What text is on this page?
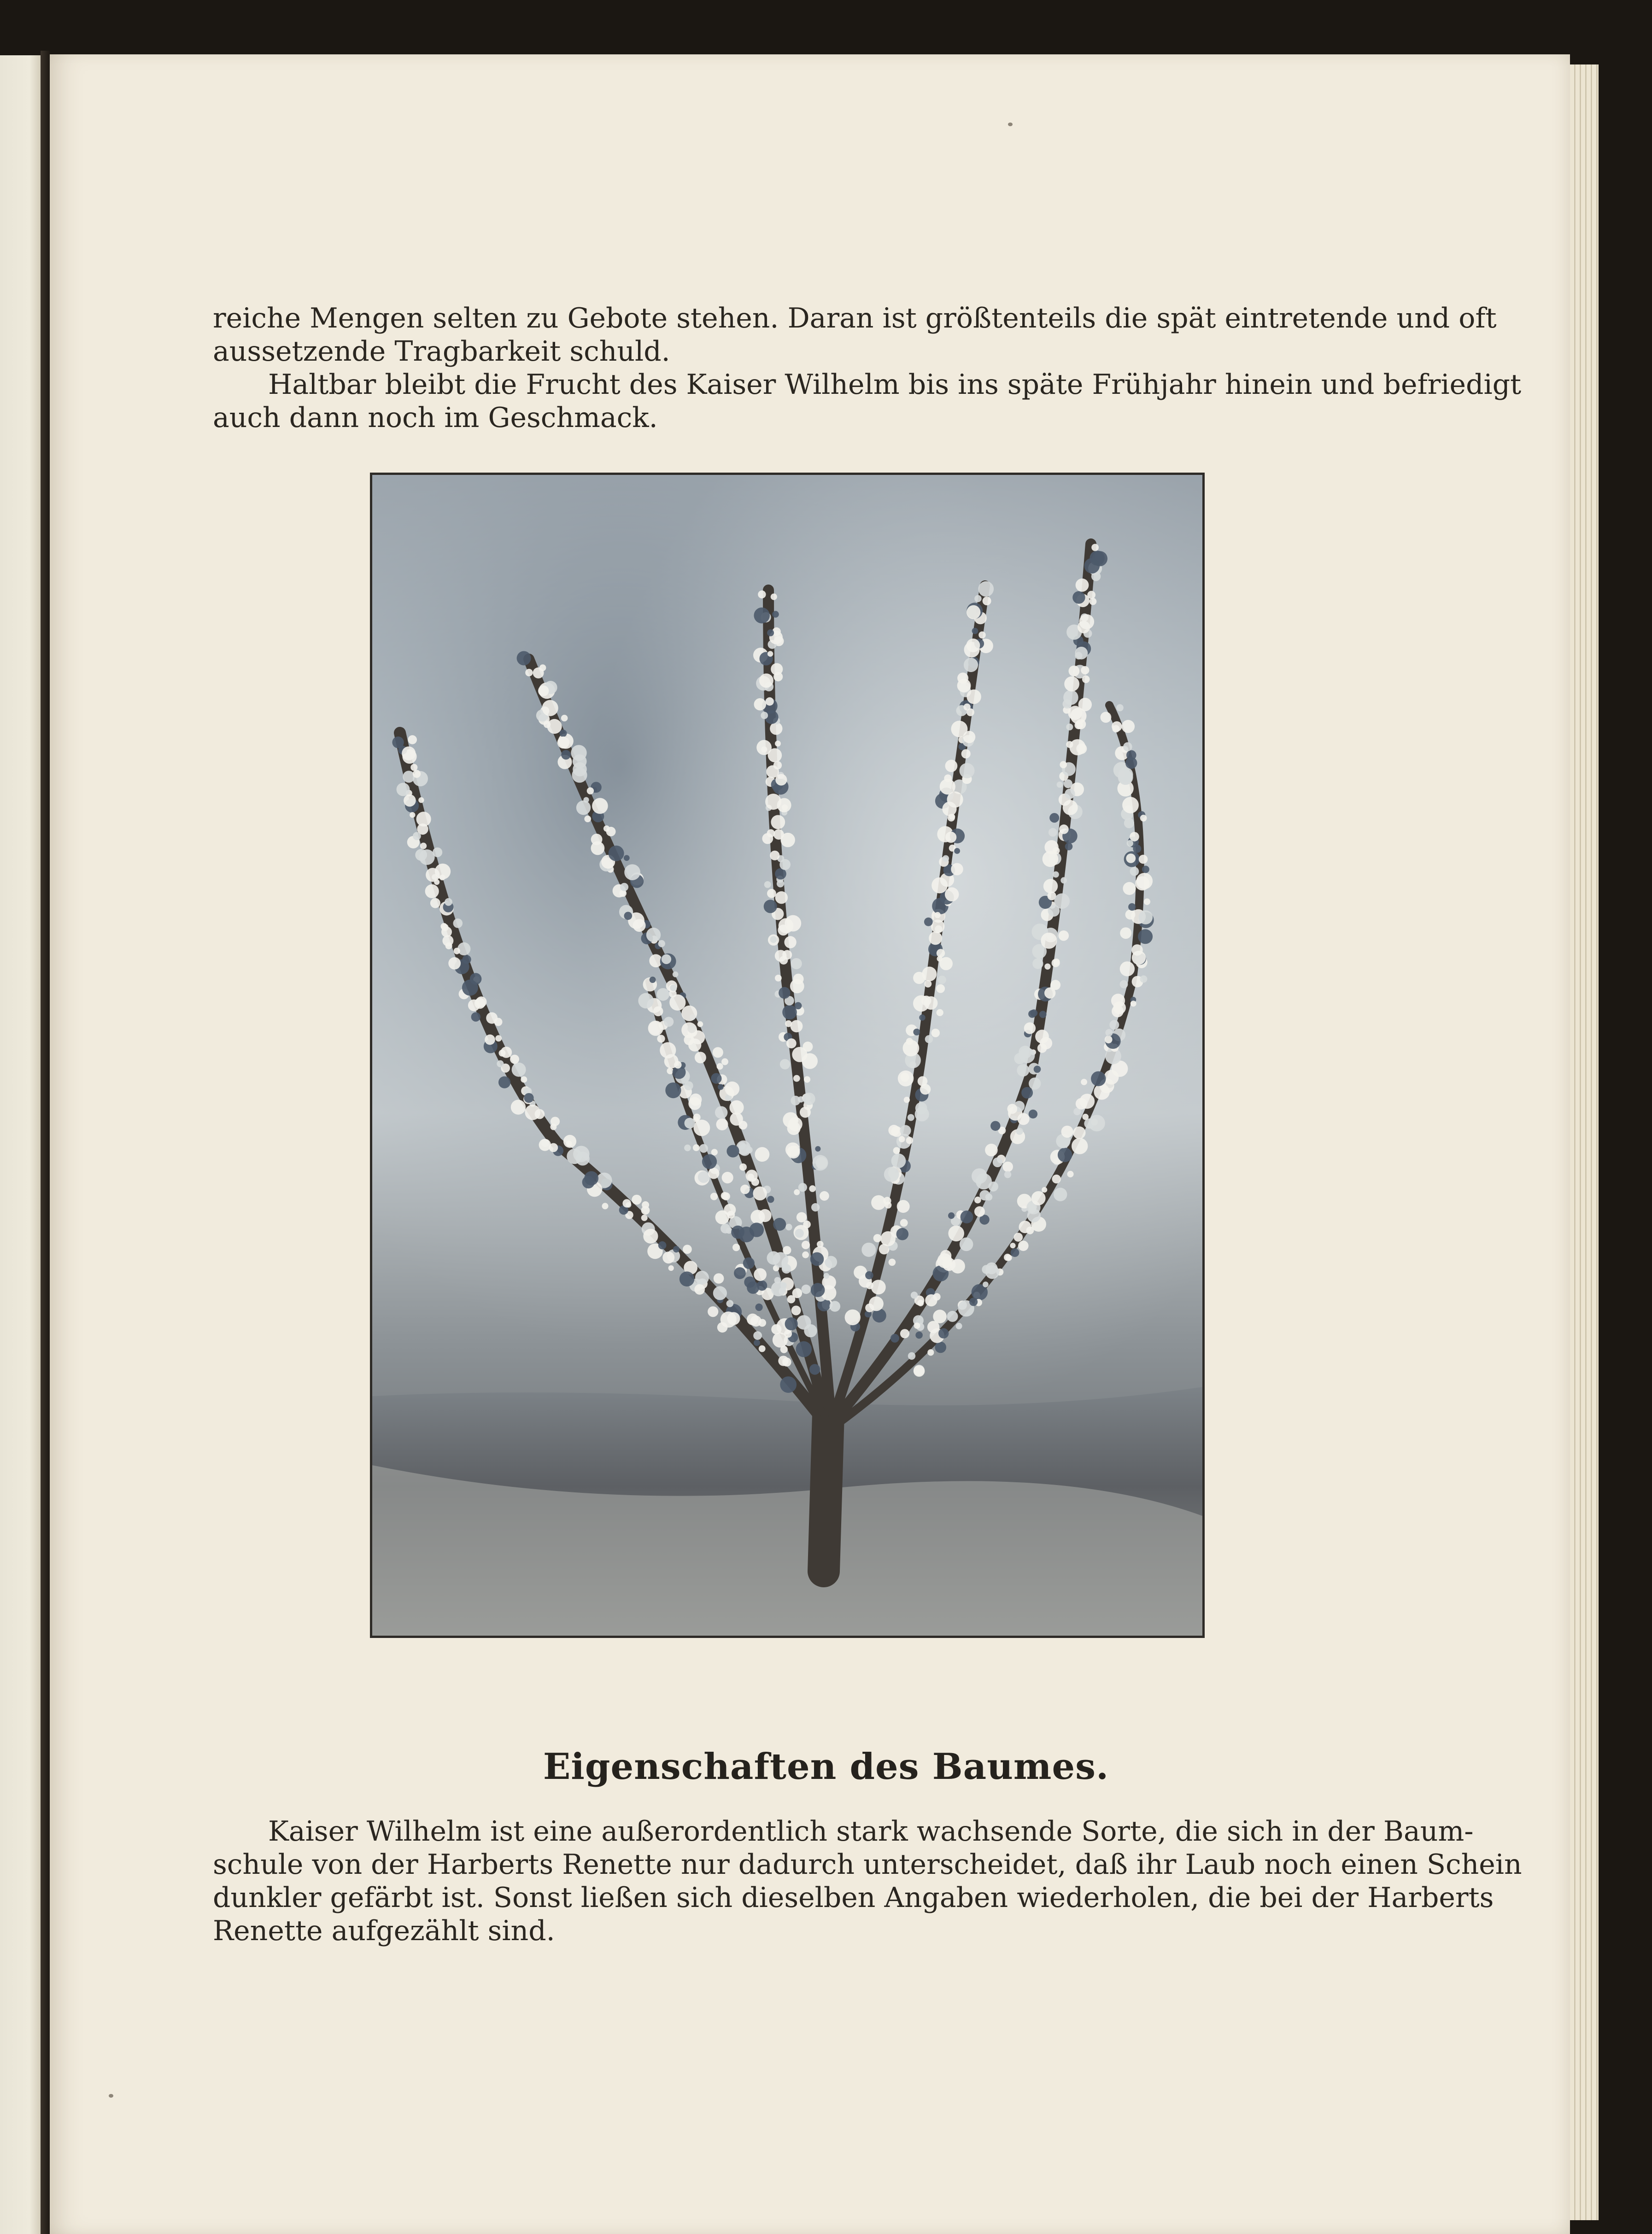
reiche Mengen selten zu Gebote stehen. Daran ist größtenteils die spät eintretende und oft
aussetzende Tragbarkeit schuld.
Haltbar bleibt die Frucht des Kaiser Wilhelm bis ins späte Frühjahr hinein und befriedigt
auch dann noch im Geschmack.
Eigenschaften des Baumes.
Kaiser Wilhelm ist eine außerordentlich stark wachsende Sorte, die sich in der Baum-
schule von der Harberts Renette nur dadurch unterscheidet, daß ihr Laub noch einen Schein
dunkler gefärbt ist. Sonst ließen sich dieselben Angaben wiederholen, die bei der Harberts
Renette aufgezählt sind.
